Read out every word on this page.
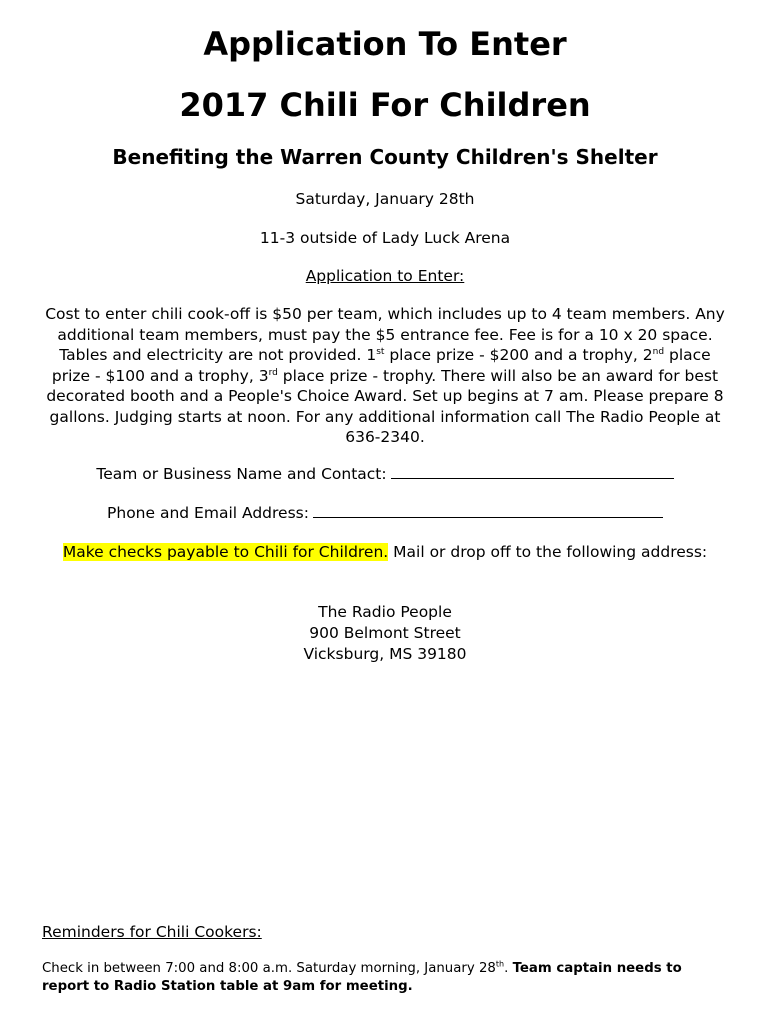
Application To Enter
2017 Chili For Children
Benefiting the Warren County Children's Shelter
Saturday, January 28th
11-3 outside of Lady Luck Arena
Application to Enter:
Cost to enter chili cook-off is $50 per team, which includes up to 4 team members. Any additional team members, must pay the $5 entrance fee. Fee is for a 10 x 20 space. Tables and electricity are not provided. 1st place prize - $200 and a trophy, 2nd place prize - $100 and a trophy, 3rd place prize - trophy. There will also be an award for best decorated booth and a People's Choice Award. Set up begins at 7 am. Please prepare 8 gallons. Judging starts at noon. For any additional information call The Radio People at 636-2340.
Team or Business Name and Contact:
Phone and Email Address:
Make checks payable to Chili for Children. Mail or drop off to the following address:
The Radio People
900 Belmont Street
Vicksburg, MS 39180
Reminders for Chili Cookers:
Check in between 7:00 and 8:00 a.m. Saturday morning, January 28th. Team captain needs to report to Radio Station table at 9am for meeting.
